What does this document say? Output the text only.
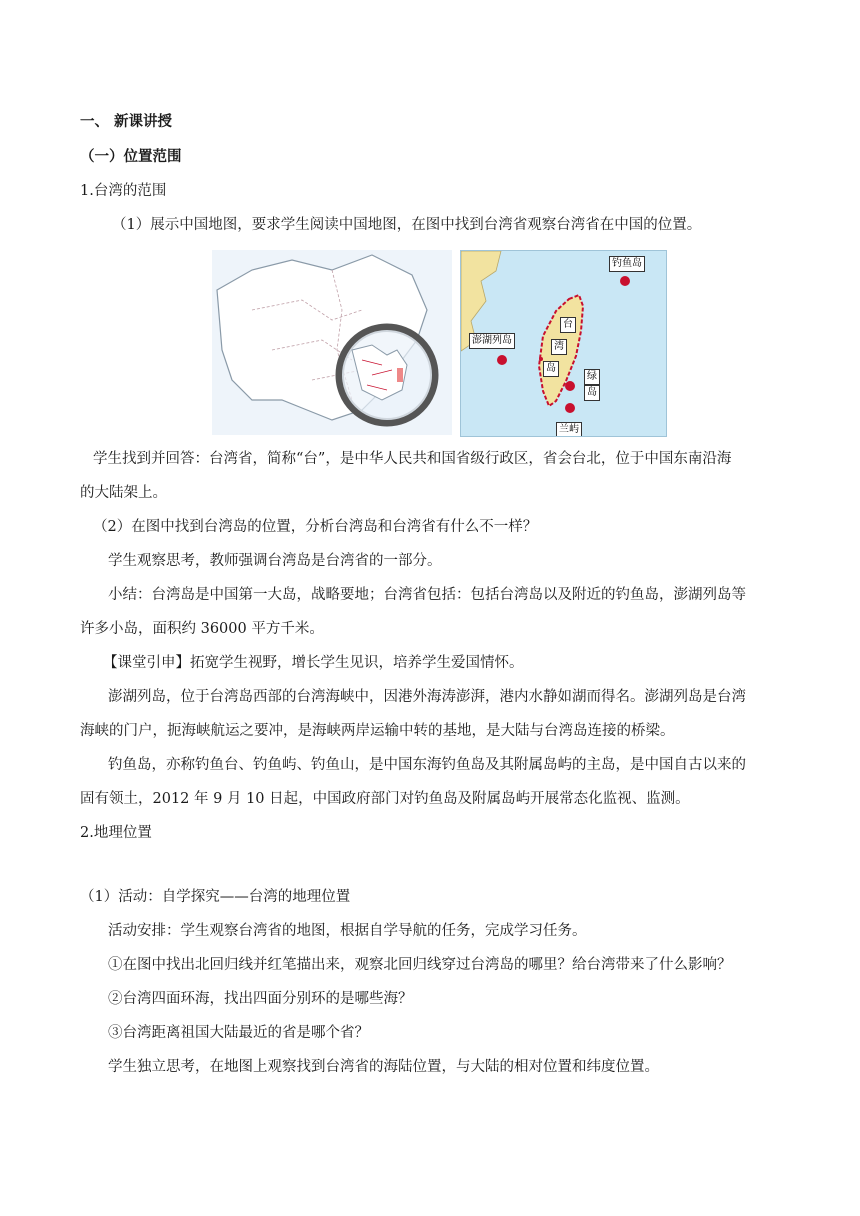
一、 新课讲授
（一）位置范围
1.台湾的范围
（1）展示中国地图，要求学生阅读中国地图，在图中找到台湾省观察台湾省在中国的位置。
钓鱼岛
澎湖列岛
台
湾
岛
绿
岛
兰屿
学生找到并回答：台湾省，简称“台”，是中华人民共和国省级行政区，省会台北，位于中国东南沿海
的大陆架上。
（2）在图中找到台湾岛的位置，分析台湾岛和台湾省有什么不一样？
学生观察思考，教师强调台湾岛是台湾省的一部分。
小结：台湾岛是中国第一大岛，战略要地；台湾省包括：包括台湾岛以及附近的钓鱼岛，澎湖列岛等
许多小岛，面积约 36000 平方千米。
【课堂引申】拓宽学生视野，增长学生见识，培养学生爱国情怀。
澎湖列岛，位于台湾岛西部的台湾海峡中，因港外海涛澎湃，港内水静如湖而得名。澎湖列岛是台湾
海峡的门户，扼海峡航运之要冲，是海峡两岸运输中转的基地，是大陆与台湾岛连接的桥梁。
钓鱼岛，亦称钓鱼台、钓鱼屿、钓鱼山，是中国东海钓鱼岛及其附属岛屿的主岛，是中国自古以来的
固有领土，2012 年 9 月 10 日起，中国政府部门对钓鱼岛及附属岛屿开展常态化监视、监测。
2.地理位置
（1）活动：自学探究——台湾的地理位置
活动安排：学生观察台湾省的地图，根据自学导航的任务，完成学习任务。
①在图中找出北回归线并红笔描出来，观察北回归线穿过台湾岛的哪里？给台湾带来了什么影响？
②台湾四面环海，找出四面分别环的是哪些海？
③台湾距离祖国大陆最近的省是哪个省？
学生独立思考，在地图上观察找到台湾省的海陆位置，与大陆的相对位置和纬度位置。
